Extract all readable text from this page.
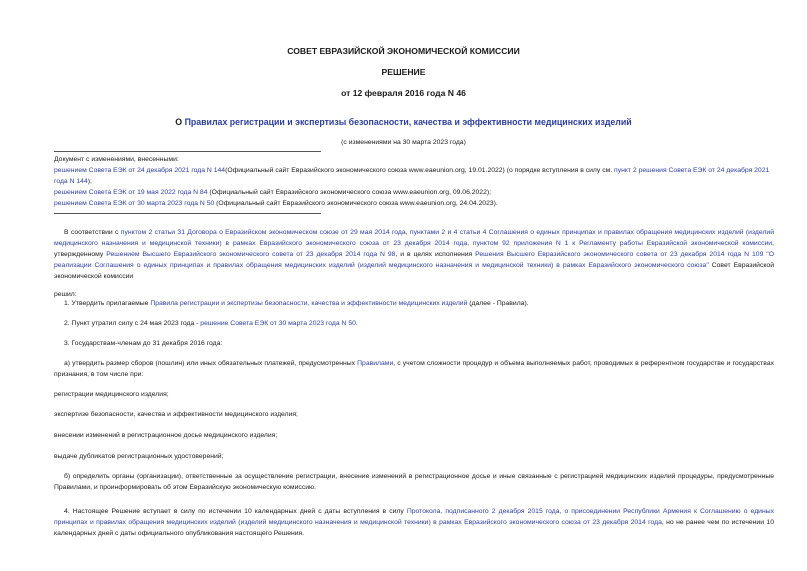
СОВЕТ ЕВРАЗИЙСКОЙ ЭКОНОМИЧЕСКОЙ КОМИССИИ
РЕШЕНИЕ
от 12 февраля 2016 года N 46
О Правилах регистрации и экспертизы безопасности, качества и эффективности медицинских изделий
(с изменениями на 30 марта 2023 года)
Документ с изменениями, внесенными:
решением Совета ЕЭК от 24 декабря 2021 года N 144(Официальный сайт Евразийского экономического союза www.eaeunion.org, 19.01.2022) (о порядке вступления в силу см. пункт 2 решения Совета ЕЭК от 24 декабря 2021 года N 144);
решением Совета ЕЭК от 19 мая 2022 года N 84 (Официальный сайт Евразийского экономического союза www.eaeunion.org, 09.06.2022);
решением Совета ЕЭК от 30 марта 2023 года N 50 (Официальный сайт Евразийского экономического союза www.eaeunion.org, 24.04.2023).
В соответствии с пунктом 2 статьи 31 Договора о Евразийском экономическом союзе от 29 мая 2014 года, пунктами 2 и 4 статьи 4 Соглашения о единых принципах и правилах обращения медицинских изделий (изделий медицинского назначения и медицинской техники) в рамках Евразийского экономического союза от 23 декабря 2014 года, пунктом 92 приложения N 1 к Регламенту работы Евразийской экономической комиссии, утвержденному Решением Высшего Евразийского экономического совета от 23 декабря 2014 года N 98, и в целях исполнения Решения Высшего Евразийского экономического совета от 23 декабря 2014 года N 109 "О реализации Соглашения о единых принципах и правилах обращения медицинских изделий (изделий медицинского назначения и медицинской техники) в рамках Евразийского экономического союза" Совет Евразийской экономической комиссии
решил:
1. Утвердить прилагаемые Правила регистрации и экспертизы безопасности, качества и эффективности медицинских изделий (далее - Правила).
2. Пункт утратил силу с 24 мая 2023 года - решение Совета ЕЭК от 30 марта 2023 года N 50.
3. Государствам-членам до 31 декабря 2016 года:
а) утвердить размер сборов (пошлин) или иных обязательных платежей, предусмотренных Правилами, с учетом сложности процедур и объема выполняемых работ, проводимых в референтном государстве и государствах признания, в том числе при:
регистрации медицинского изделия;
экспертизе безопасности, качества и эффективности медицинского изделия;
внесении изменений в регистрационное досье медицинского изделия;
выдаче дубликатов регистрационных удостоверений;
б) определить органы (организации), ответственные за осуществление регистрации, внесение изменений в регистрационное досье и иные связанные с регистрацией медицинских изделий процедуры, предусмотренные Правилами, и проинформировать об этом Евразийскую экономическую комиссию.
4. Настоящее Решение вступает в силу по истечении 10 календарных дней с даты вступления в силу Протокола, подписанного 2 декабря 2015 года, о присоединении Республики Армения к Соглашению о единых принципах и правилах обращения медицинских изделий (изделий медицинского назначения и медицинской техники) в рамках Евразийского экономического союза от 23 декабря 2014 года, но не ранее чем по истечении 10 календарных дней с даты официального опубликования настоящего Решения.
